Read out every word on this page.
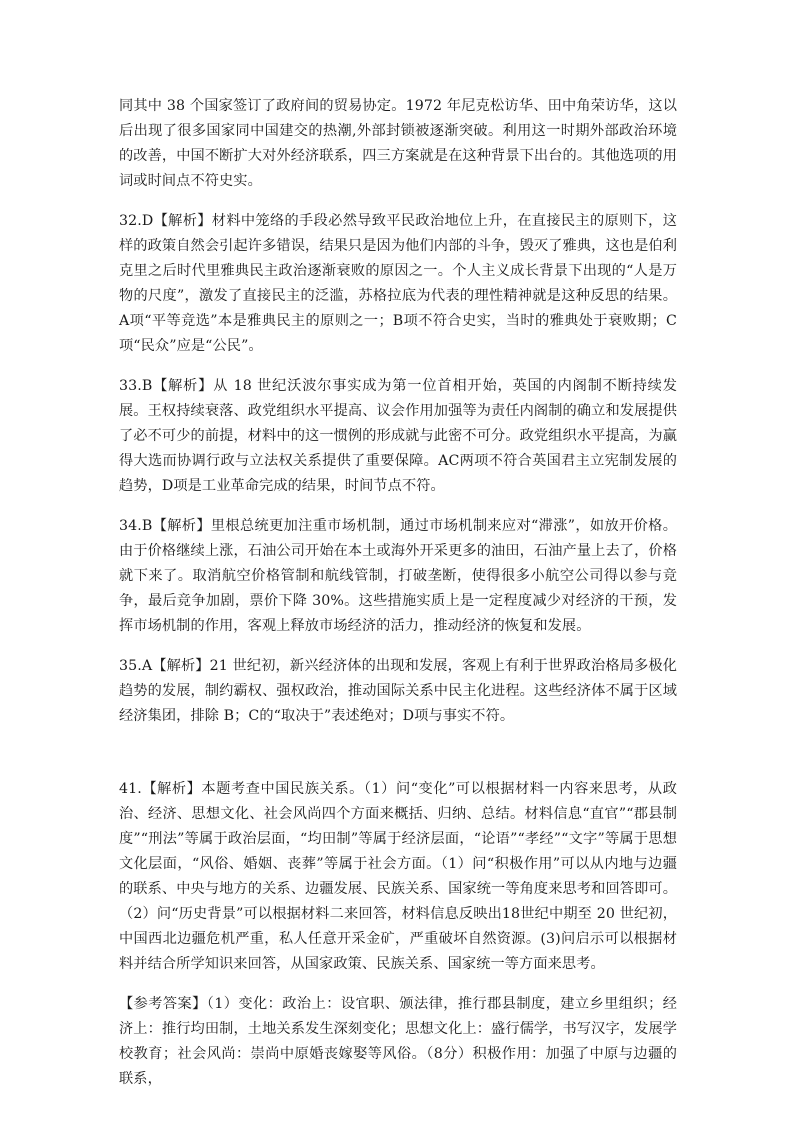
同其中 38 个国家签订了政府间的贸易协定。1972 年尼克松访华、田中角荣访华，这以后出现了很多国家同中国建交的热潮,外部封锁被逐渐突破。利用这一时期外部政治环境的改善，中国不断扩大对外经济联系，四三方案就是在这种背景下出台的。其他选项的用词或时间点不符史实。

32.D【解析】材料中笼络的手段必然导致平民政治地位上升，在直接民主的原则下，这样的政策自然会引起许多错误，结果只是因为他们内部的斗争，毁灭了雅典，这也是伯利克里之后时代里雅典民主政治逐渐衰败的原因之一。个人主义成长背景下出现的“人是万物的尺度”，激发了直接民主的泛滥，苏格拉底为代表的理性精神就是这种反思的结果。A项“平等竞选”本是雅典民主的原则之一；B项不符合史实，当时的雅典处于衰败期；C项“民众”应是“公民”。

33.B【解析】从 18 世纪沃波尔事实成为第一位首相开始，英国的内阁制不断持续发展。王权持续衰落、政党组织水平提高、议会作用加强等为责任内阁制的确立和发展提供了必不可少的前提，材料中的这一惯例的形成就与此密不可分。政党组织水平提高，为赢得大选而协调行政与立法权关系提供了重要保障。AC两项不符合英国君主立宪制发展的趋势，D项是工业革命完成的结果，时间节点不符。

34.B【解析】里根总统更加注重市场机制，通过市场机制来应对“滞涨”，如放开价格。由于价格继续上涨，石油公司开始在本土或海外开采更多的油田，石油产量上去了，价格就下来了。取消航空价格管制和航线管制，打破垄断，使得很多小航空公司得以参与竞争，最后竞争加剧，票价下降 30%。这些措施实质上是一定程度减少对经济的干预，发挥市场机制的作用，客观上释放市场经济的活力，推动经济的恢复和发展。

35.A【解析】21 世纪初，新兴经济体的出现和发展，客观上有利于世界政治格局多极化趋势的发展，制约霸权、强权政治，推动国际关系中民主化进程。这些经济体不属于区域经济集团，排除 B；C的“取决于”表述绝对；D项与事实不符。

41.【解析】本题考查中国民族关系。（1）问“变化”可以根据材料一内容来思考，从政治、经济、思想文化、社会风尚四个方面来概括、归纳、总结。材料信息“直官”“郡县制度”“刑法”等属于政治层面，“均田制”等属于经济层面，“论语”“孝经”“文字”等属于思想文化层面，“风俗、婚姻、丧葬”等属于社会方面。（1）问“积极作用”可以从内地与边疆的联系、中央与地方的关系、边疆发展、民族关系、国家统一等角度来思考和回答即可。（2）问“历史背景”可以根据材料二来回答，材料信息反映出18世纪中期至 20 世纪初，中国西北边疆危机严重，私人任意开采金矿，严重破坏自然资源。(3)问启示可以根据材料并结合所学知识来回答，从国家政策、民族关系、国家统一等方面来思考。

【参考答案】（1）变化：政治上：设官职、颁法律，推行郡县制度，建立乡里组织；经济上：推行均田制，土地关系发生深刻变化；思想文化上：盛行儒学，书写汉字，发展学校教育；社会风尚：崇尚中原婚丧嫁娶等风俗。（8分）积极作用：加强了中原与边疆的联系，
